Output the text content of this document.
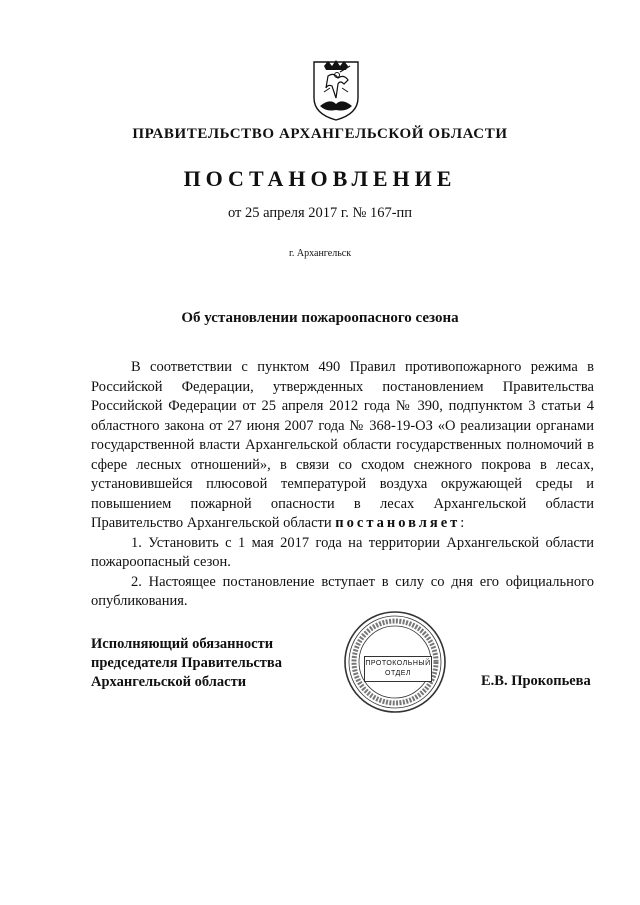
ПРАВИТЕЛЬСТВО АРХАНГЕЛЬСКОЙ ОБЛАСТИ
ПОСТАНОВЛЕНИЕ
от 25 апреля 2017 г. № 167-пп
г. Архангельск
Об установлении пожароопасного сезона

В соответствии с пунктом 490 Правил противопожарного режима в Российской Федерации, утвержденных постановлением Правительства Российской Федерации от 25 апреля 2012 года № 390, подпунктом 3 статьи 4 областного закона от 27 июня 2007 года № 368-19-ОЗ «О реализации органами государственной власти Архангельской области государственных полномочий в сфере лесных отношений», в связи со сходом снежного покрова в лесах, установившейся плюсовой температурой воздуха окружающей среды и повышением пожарной опасности в лесах Архангельской области Правительство Архангельской области постановляет:

1. Установить с 1 мая 2017 года на территории Архангельской области пожароопасный сезон.

2. Настоящее постановление вступает в силу со дня его официального опубликования.

Исполняющий обязанности
председателя Правительства
Архангельской области
ПРОТОКОЛЬНЫЙ
ОТДЕЛ	Е.В. Прокопьева
